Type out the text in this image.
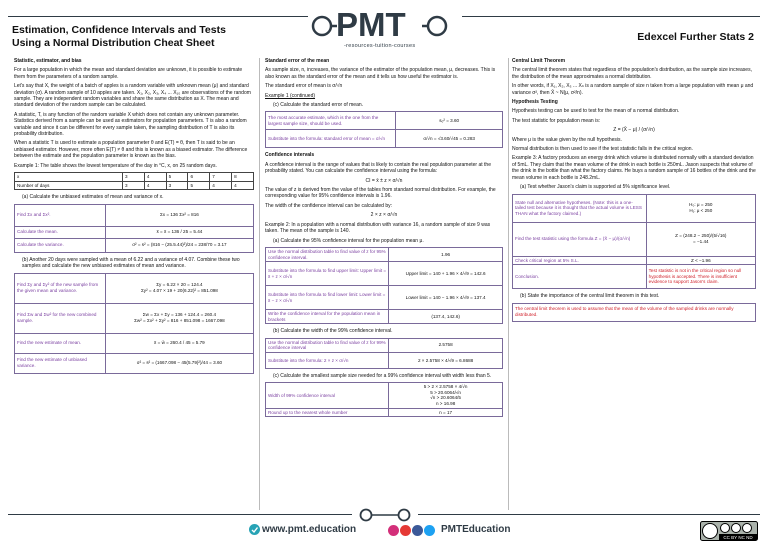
Estimation, Confidence Intervals and Tests Using a Normal Distribution Cheat Sheet	Edexcel Further Stats 2
PMT
-resources-tuition-courses

Statistic, estimator, and bias

For a large population in which the mean and standard deviation are unknown, it is possible to estimate them from the parameters of a random sample.

Let's say that X, the weight of a batch of apples is a random variable with unknown mean (μ) and standard deviation (σ). A random sample of 10 apples are taken. X₁, X₂, X₃, X₄ ... X₁₀ are observations of the random sample. They are independent random variables and share the same distribution as X. The mean and standard deviation of the random sample can be calculated.

A statistic, T, is any function of the random variable X which does not contain any unknown parameter. Statistics derived from a sample can be used as estimators for population parameters. T is also a random variable and since it can be different for every sample taken, the sampling distribution of T is also its probability distribution.

When a statistic T is used to estimate a population parameter θ and E(T) = θ, then T is said to be an unbiased estimator. However, more often E(T) ≠ θ and this is known as a biased estimator. The difference between the estimate and the population parameter is known as the bias.

Example 1: The table shows the lowest temperature of the day in °C, x, on 25 random days.

x	3	4	5	6	7	8
Number of days	3	4	3	5	4	4

(a) Calculate the unbiased estimates of mean and variance of x.

Find Σx and Σx².	Σx = 136 Σx² = 816
Calculate the mean.	x̄ = x̄ = 136 / 25 = 5.44
Calculate the variance.	σ² = s² = (816 − (25.5.44)²)/24 = 238/70 = 3.17

(b) Another 20 days were sampled with a mean of 6.22 and a variance of 4.07. Combine these two samples and calculate the new unbiased estimates of mean and variance.

Find Σy and Σy² of the new sample from the given mean and variance.	Σy = 6.22 × 20 = 124.4
Σy² = 4.07 × 19 + 20(6.22)² = 851.098

Find Σw and Σw² for the new combined sample.	Σw = Σx + Σy = 136 + 124.4 = 260.4
Σw² = Σx² + Σy² = 816 + 851.098 = 1667.098

Find the new estimate of mean.	x̄ = w̄ = 260.4 / 45 = 5.79
Find the new estimate of unbiased variance.	σ² = s² = (1667.098 − 45(5.79)²)/44 = 3.60

Standard error of the mean

As sample size, n, increases, the variance of the estimator of the population mean, μ, decreases. This is also known as the standard error of the mean and it tells us how useful the estimator is.

The standard error of mean is σ/√n

Example 1 (continued)

(c) Calculate the standard error of mean.

The most accurate estimate, which is the one from the largest sample size, should be used.	s₀² = 3.60
Substitute into the formula: standard error of mean = σ/√n	σ/√n = √3.60/√45 = 0.283

Confidence intervals

A confidence interval is the range of values that is likely to contain the real population parameter at the probability stated. You can calculate the confidence interval using the formula:

CI = x̄ ± z × σ/√n

The value of z is derived from the value of the tables from standard normal distribution. For example, the corresponding value for 95% confidence intervals is 1.96.

The width of the confidence interval can be calculated by:

2 × z × σ/√n

Example 2: In a population with a normal distribution with variance 16, a random sample of size 9 was taken. The mean of the sample is 140.

(a) Calculate the 95% confidence interval for the population mean μ.

Use the normal distribution table to find value of z for 95% confidence interval.	1.96
Substitute into the formula to find upper limit: Upper limit = x̄ + z × σ/√n	Upper limit = 140 + 1.96 × 4/√9 = 142.6
Substitute into the formula to find lower limit: Lower limit = x̄ − z × σ/√n	Lower limit = 140 − 1.96 × 4/√9 = 137.4
Write the confidence interval for the population mean in brackets	(137.4, 142.6)

(b) Calculate the width of the 99% confidence interval.

Use the normal distribution table to find value of z for 99% confidence interval	2.5758
Substitute into the formula: 2 × z × σ/√n	2 × 2.5758 × 4/√9 = 6.8688

(c) Calculate the smallest sample size needed for a 99% confidence interval with width less than 5.

Width of 99% confidence interval	5 > 2 × 2.5758 × 4/√n
5 > 20.6064/√n
√n > 20.6064/5
n > 16.98

Round up to the nearest whole number	n = 17

Central Limit Theorem

The central limit theorem states that regardless of the population's distribution, as the sample size increases, the distribution of the mean approximates a normal distribution.

In other words, if X₁, X₂, X₃ ... Xₙ is a random sample of size n taken from a large population with mean μ and variance σ², then X̄ ~ N(μ, σ²/n).

Hypothesis Testing

Hypothesis testing can be used to test for the mean of a normal distribution.

The test statistic for population mean is:

Z = (X̄ − μ) / (σ/√n)

Where μ is the value given by the null hypothesis.

Normal distribution is then used to see if the test statistic falls in the critical region.

Example 3: A factory produces an energy drink which volume is distributed normally with a standard deviation of 5mL. They claim that the mean volume of the drink in each bottle is 250mL. Jason suspects that volume of the drink in the bottle than what the factory claims. He buys a random sample of 16 bottles of the drink and the mean volume in each bottle is 248.2mL.

(a) Test whether Jason's claim is supported at 5% significance level.

State null and alternative hypotheses. (Note: this is a one-tailed test because it is thought that the actual volume is LESS THAN what the factory claimed.)	H₀: μ = 250
H₁: μ < 250

Find the test statistic using the formula Z = (X̄ − μ)/(σ/√n)	Z = (248.2 − 250)/(5/√16)
= −1.44

Check critical region at 5% S.L.	Z < −1.96
Conclusion.	Test statistic is not in the critical region so null hypothesis is accepted. There is insufficient evidence to support Jason's claim.

(b) State the importance of the central limit theorem in this test.

The central limit theorem is used to assume that the mean of the volume of the sampled drinks are normally distributed.
www.pmt.education	PMTEducation
CC BY NC ND
